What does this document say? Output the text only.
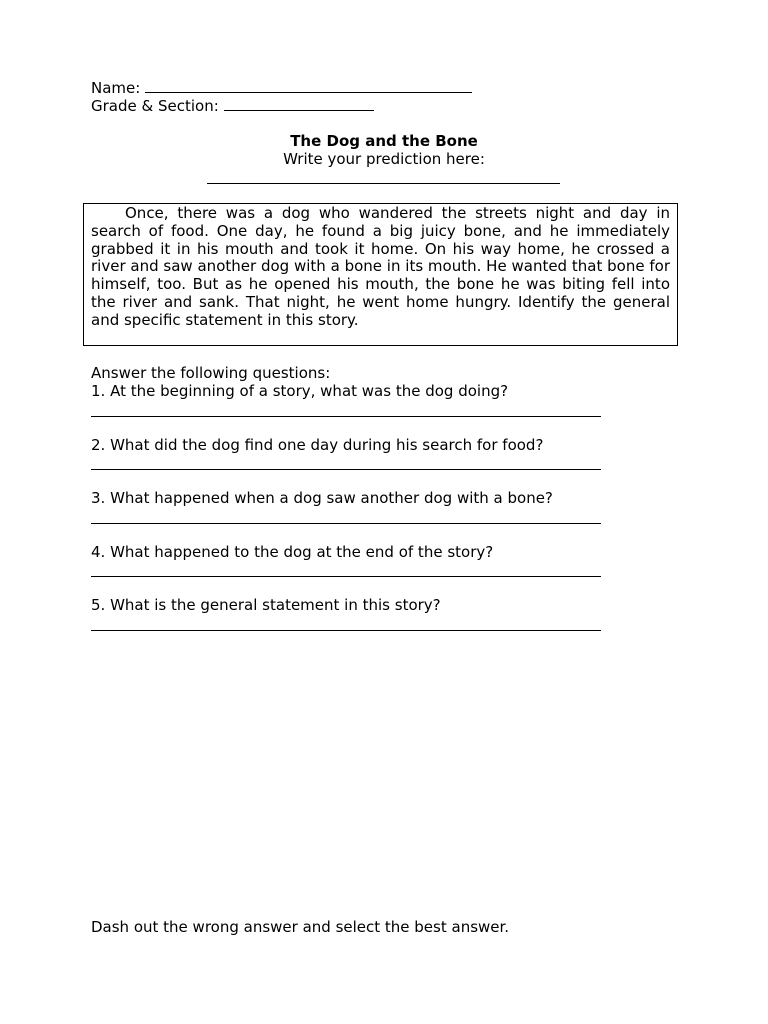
Name:
Grade & Section:
The Dog and the Bone
Write your prediction here:

Once, there was a dog who wandered the streets night and day in search of food. One day, he found a big juicy bone, and he immediately grabbed it in his mouth and took it home. On his way home, he crossed a river and saw another dog with a bone in its mouth. He wanted that bone for himself, too. But as he opened his mouth, the bone he was biting fell into the river and sank. That night, he went home hungry. Identify the general and specific statement in this story.

Answer the following questions:
1. At the beginning of a story, what was the dog doing?
2. What did the dog find one day during his search for food?
3. What happened when a dog saw another dog with a bone?
4. What happened to the dog at the end of the story?
5. What is the general statement in this story?
Dash out the wrong answer and select the best answer.
